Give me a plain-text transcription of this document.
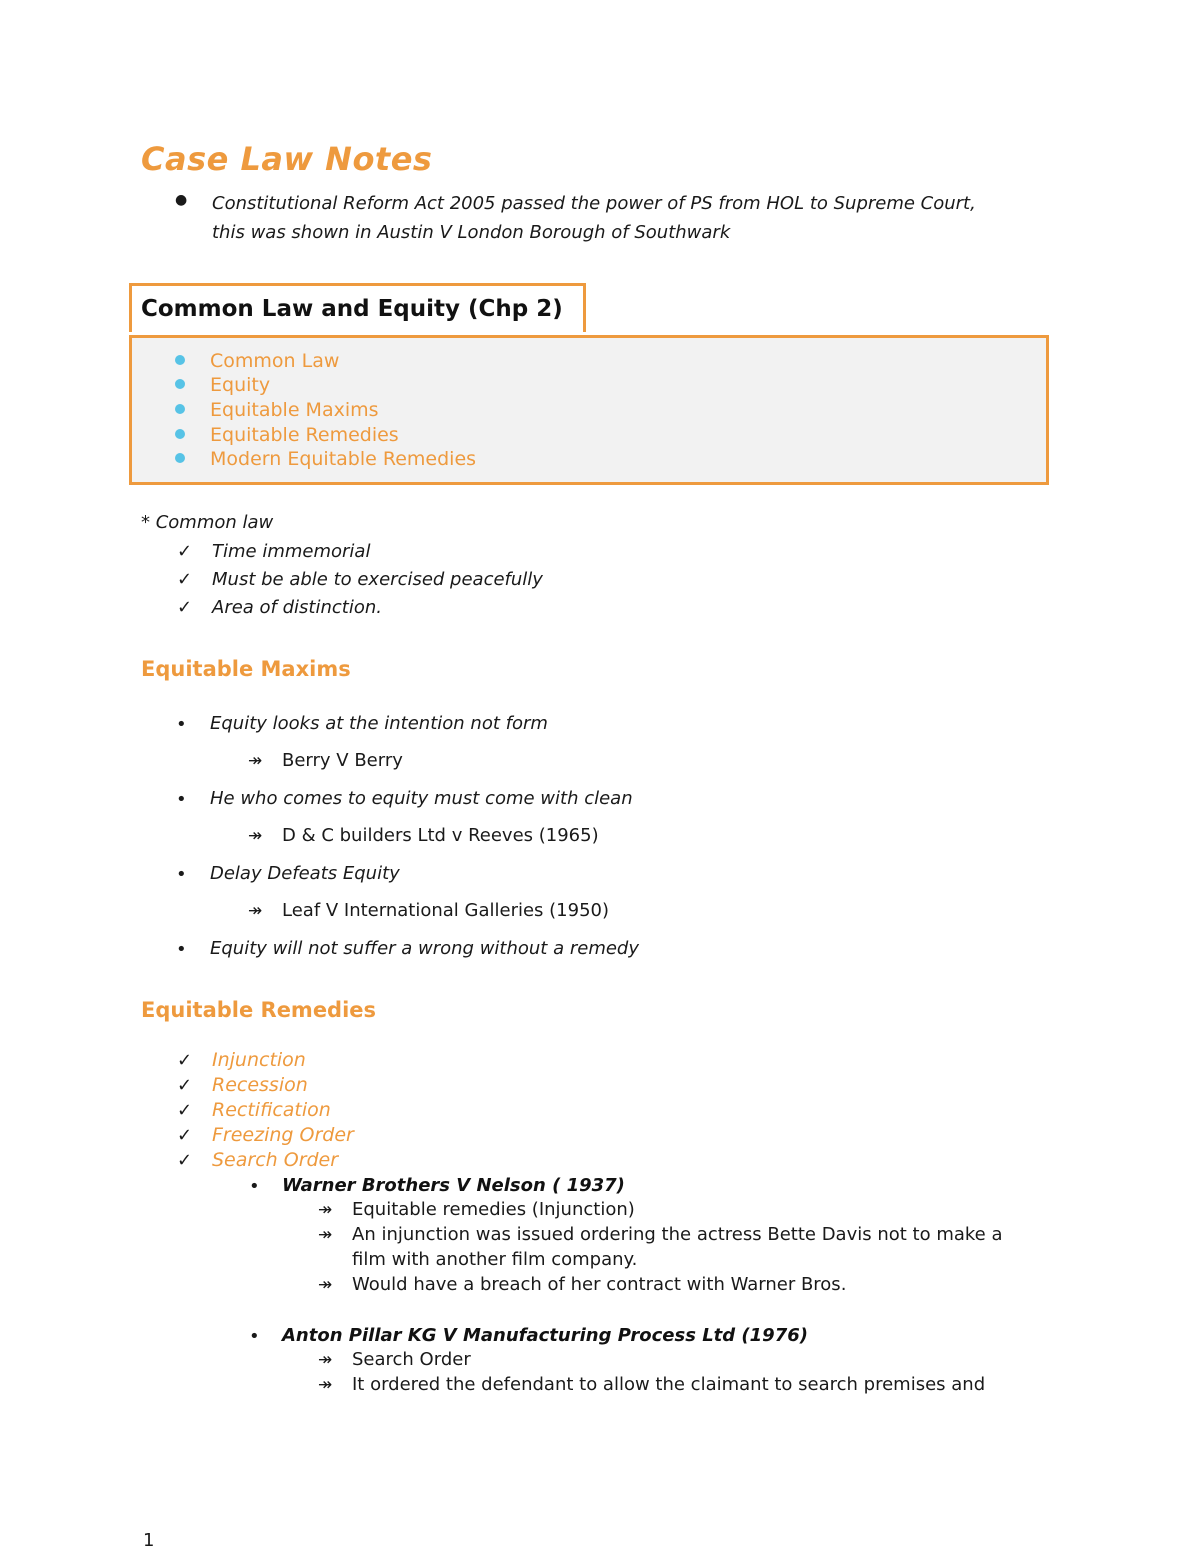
Case Law Notes
● Constitutional Reform Act 2005 passed the power of PS from HOL to Supreme Court,
this was shown in Austin V London Borough of Southwark
Common Law and Equity (Chp 2)
Common Law
Equity
Equitable Maxims
Equitable Remedies
Modern Equitable Remedies
* Common law
✓ Time immemorial
✓ Must be able to exercised peacefully
✓ Area of distinction.
Equitable Maxims
• Equity looks at the intention not form
↠ Berry V Berry
• He who comes to equity must come with clean
↠ D & C builders Ltd v Reeves (1965)
• Delay Defeats Equity
↠ Leaf V International Galleries (1950)
• Equity will not suffer a wrong without a remedy
Equitable Remedies
✓ Injunction
✓ Recession
✓ Rectification
✓ Freezing Order
✓ Search Order
• Warner Brothers V Nelson ( 1937)
↠ Equitable remedies (Injunction)
↠ An injunction was issued ordering the actress Bette Davis not to make a
film with another film company.
↠ Would have a breach of her contract with Warner Bros.
• Anton Pillar KG V Manufacturing Process Ltd (1976)
↠ Search Order
↠ It ordered the defendant to allow the claimant to search premises and
1
